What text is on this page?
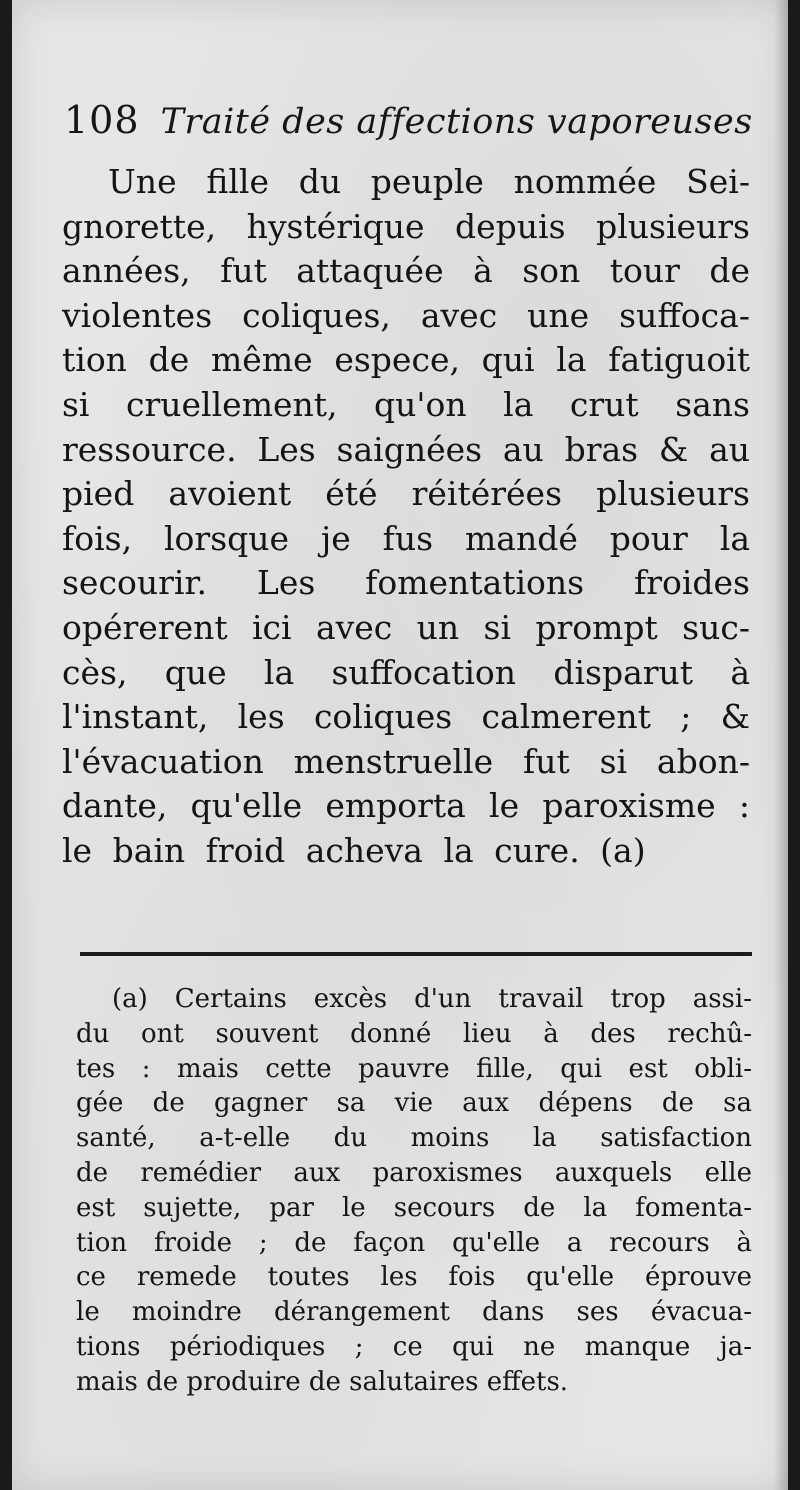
108 Traité des affections vaporeuses
Une fille du peuple nommée Sei-
gnorette, hystérique depuis plusieurs
années, fut attaquée à son tour de
violentes coliques, avec une suffoca-
tion de même espece, qui la fatiguoit
si cruellement, qu'on la crut sans
ressource. Les saignées au bras & au
pied avoient été réitérées plusieurs
fois, lorsque je fus mandé pour la
secourir. Les fomentations froides
opérerent ici avec un si prompt suc-
cès, que la suffocation disparut à
l'instant, les coliques calmerent ; &
l'évacuation menstruelle fut si abon-
dante, qu'elle emporta le paroxisme :
le bain froid acheva la cure. (a)
(a) Certains excès d'un travail trop assi-
du ont souvent donné lieu à des rechû-
tes : mais cette pauvre fille, qui est obli-
gée de gagner sa vie aux dépens de sa
santé, a-t-elle du moins la satisfaction
de remédier aux paroxismes auxquels elle
est sujette, par le secours de la fomenta-
tion froide ; de façon qu'elle a recours à
ce remede toutes les fois qu'elle éprouve
le moindre dérangement dans ses évacua-
tions périodiques ; ce qui ne manque ja-
mais de produire de salutaires effets.
